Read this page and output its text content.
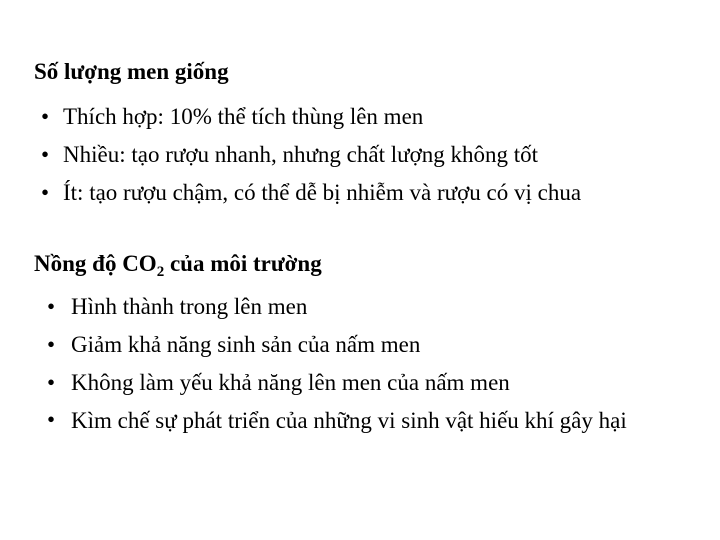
Số lượng men giống
• Thích hợp: 10% thể tích thùng lên men
• Nhiều: tạo rượu nhanh, nhưng chất lượng không tốt
• Ít: tạo rượu chậm, có thể dễ bị nhiễm và rượu có vị chua
Nồng độ $CO_2$ của môi trường
• Hình thành trong lên men
• Giảm khả năng sinh sản của nấm men
• Không làm yếu khả năng lên men của nấm men
• Kìm chế sự phát triển của những vi sinh vật hiếu khí gây hại
